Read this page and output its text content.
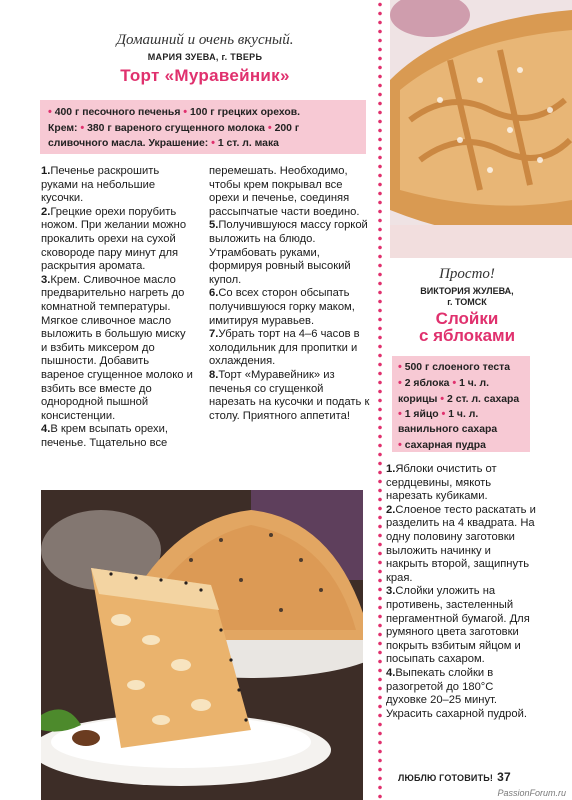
Домашний и очень вкусный.
МАРИЯ ЗУЕВА, г. ТВЕРЬ
Торт «Муравейник»
• 400 г песочного печенья • 100 г грецких орехов.
Крем: • 380 г вареного сгущенного молока • 200 г сливочного масла. Украшение: • 1 ст. л. мака

1.Печенье раскрошить руками на небольшие кусочки.

2.Грецкие орехи порубить ножом. При желании можно прокалить орехи на сухой сковороде пару минут для раскрытия аромата.

3.Крем. Сливочное масло предварительно нагреть до комнатной температуры. Мягкое сливочное масло выложить в большую миску и взбить миксером до пышности. Добавить вареное сгущенное молоко и взбить все вместе до однородной пышной консистенции.

4.В крем всыпать орехи, печенье. Тщательно все

перемешать. Необходимо, чтобы крем покрывал все орехи и печенье, соединяя рассыпчатые части воедино.

5.Получившуюся массу горкой выложить на блюдо. Утрамбовать руками, формируя ровный высокий купол.

6.Со всех сторон обсыпать получившуюся горку маком, имитируя муравьев.

7.Убрать торт на 4–6 часов в холодильник для пропитки и охлаждения.

8.Торт «Муравейник» из печенья со сгущенкой нарезать на кусочки и подать к столу. Приятного аппетита!

Просто!
ВИКТОРИЯ ЖУЛЕВА,
г. ТОМСК
Слойки
с яблоками
• 500 г слоеного теста
• 2 яблока • 1 ч. л. корицы • 2 ст. л. сахара • 1 яйцо • 1 ч. л. ванильного сахара
• сахарная пудра

1.Яблоки очистить от сердцевины, мякоть нарезать кубиками.

2.Слоеное тесто раскатать и разделить на 4 квадрата. На одну половину заготовки выложить начинку и накрыть второй, защипнуть края.

3.Слойки уложить на противень, застеленный пергаментной бумагой. Для румяного цвета заготовки покрыть взбитым яйцом и посыпать сахаром.

4.Выпекать слойки в разогретой до 180°С духовке 20–25 минут. Украсить сахарной пудрой.

ЛЮБЛЮ ГОТОВИТЬ! 37
PassionForum.ru
